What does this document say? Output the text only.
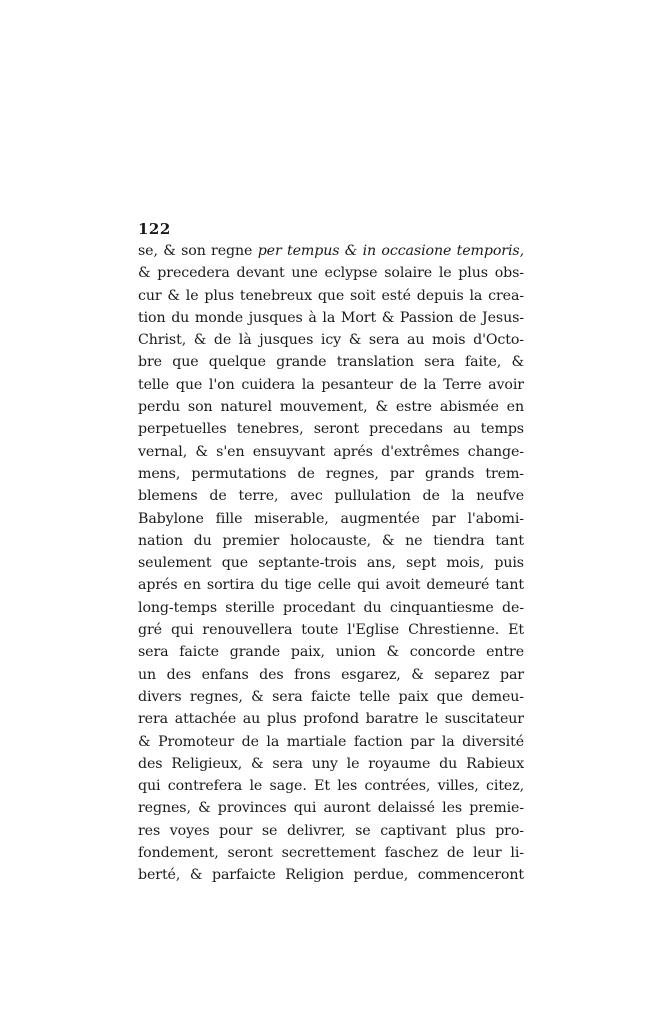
122
se, & son regne per tempus & in occasione temporis,
& precedera devant une eclypse solaire le plus obs-
cur & le plus tenebreux que soit esté depuis la crea-
tion du monde jusques à la Mort & Passion de Jesus-
Christ, & de là jusques icy & sera au mois d'Octo-
bre que quelque grande translation sera faite, &
telle que l'on cuidera la pesanteur de la Terre avoir
perdu son naturel mouvement, & estre abismée en
perpetuelles tenebres, seront precedans au temps
vernal, & s'en ensuyvant aprés d'extrêmes change-
mens, permutations de regnes, par grands trem-
blemens de terre, avec pullulation de la neufve
Babylone fille miserable, augmentée par l'abomi-
nation du premier holocauste, & ne tiendra tant
seulement que septante-trois ans, sept mois, puis
aprés en sortira du tige celle qui avoit demeuré tant
long-temps sterille procedant du cinquantiesme de-
gré qui renouvellera toute l'Eglise Chrestienne. Et
sera faicte grande paix, union & concorde entre
un des enfans des frons esgarez, & separez par
divers regnes, & sera faicte telle paix que demeu-
rera attachée au plus profond baratre le suscitateur
& Promoteur de la martiale faction par la diversité
des Religieux, & sera uny le royaume du Rabieux
qui contrefera le sage. Et les contrées, villes, citez,
regnes, & provinces qui auront delaissé les premie-
res voyes pour se delivrer, se captivant plus pro-
fondement, seront secrettement faschez de leur li-
berté, & parfaicte Religion perdue, commenceront
